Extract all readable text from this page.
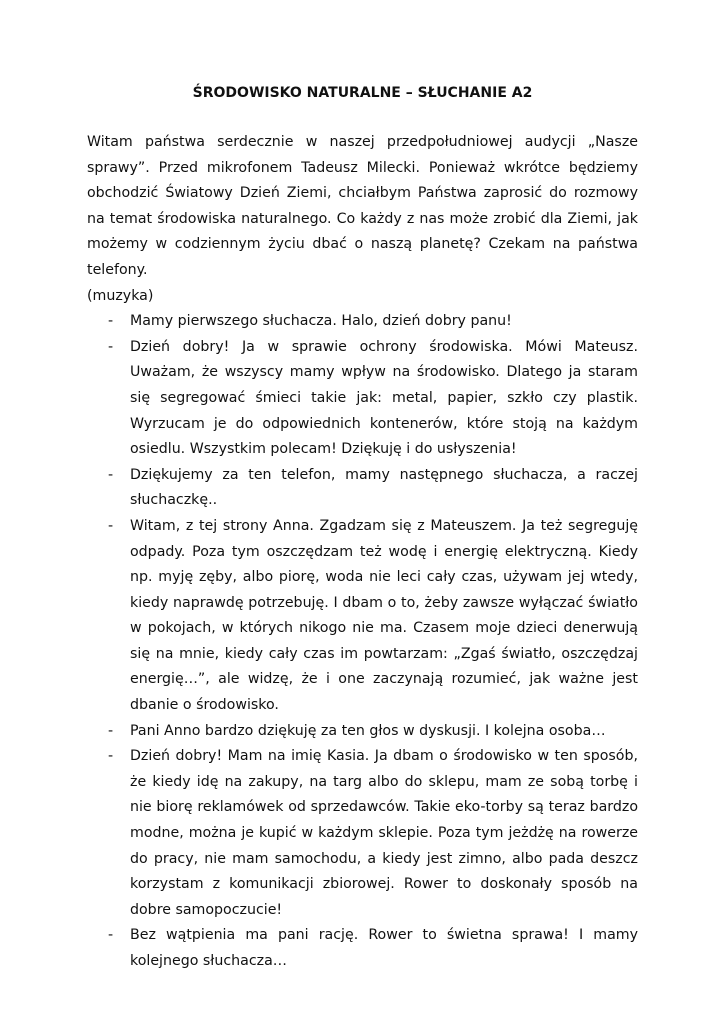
ŚRODOWISKO NATURALNE – SŁUCHANIE A2

Witam państwa serdecznie w naszej przedpołudniowej audycji „Nasze sprawy”. Przed mikrofonem Tadeusz Milecki. Ponieważ wkrótce będziemy obchodzić Światowy Dzień Ziemi, chciałbym Państwa zaprosić do rozmowy na temat środowiska naturalnego. Co każdy z nas może zrobić dla Ziemi, jak możemy w codziennym życiu dbać o naszą planetę? Czekam na państwa telefony.

(muzyka)

- Mamy pierwszego słuchacza. Halo, dzień dobry panu!
- Dzień dobry! Ja w sprawie ochrony środowiska. Mówi Mateusz. Uważam, że wszyscy mamy wpływ na środowisko. Dlatego ja staram się segregować śmieci takie jak: metal, papier, szkło czy plastik. Wyrzucam je do odpowiednich kontenerów, które stoją na każdym osiedlu. Wszystkim polecam! Dziękuję i do usłyszenia!
- Dziękujemy za ten telefon, mamy następnego słuchacza, a raczej słuchaczkę..
- Witam, z tej strony Anna. Zgadzam się z Mateuszem. Ja też segreguję odpady. Poza tym oszczędzam też wodę i energię elektryczną. Kiedy np. myję zęby, albo piorę, woda nie leci cały czas, używam jej wtedy, kiedy naprawdę potrzebuję. I dbam o to, żeby zawsze wyłączać światło w pokojach, w których nikogo nie ma. Czasem moje dzieci denerwują się na mnie, kiedy cały czas im powtarzam: „Zgaś światło, oszczędzaj energię…”, ale widzę, że i one zaczynają rozumieć, jak ważne jest dbanie o środowisko.
- Pani Anno bardzo dziękuję za ten głos w dyskusji. I kolejna osoba…
- Dzień dobry! Mam na imię Kasia. Ja dbam o środowisko w ten sposób, że kiedy idę na zakupy, na targ albo do sklepu, mam ze sobą torbę i nie biorę reklamówek od sprzedawców. Takie eko-torby są teraz bardzo modne, można je kupić w każdym sklepie. Poza tym jeżdżę na rowerze do pracy, nie mam samochodu, a kiedy jest zimno, albo pada deszcz korzystam z komunikacji zbiorowej. Rower to doskonały sposób na dobre samopoczucie!
- Bez wątpienia ma pani rację. Rower to świetna sprawa! I mamy kolejnego słuchacza…
